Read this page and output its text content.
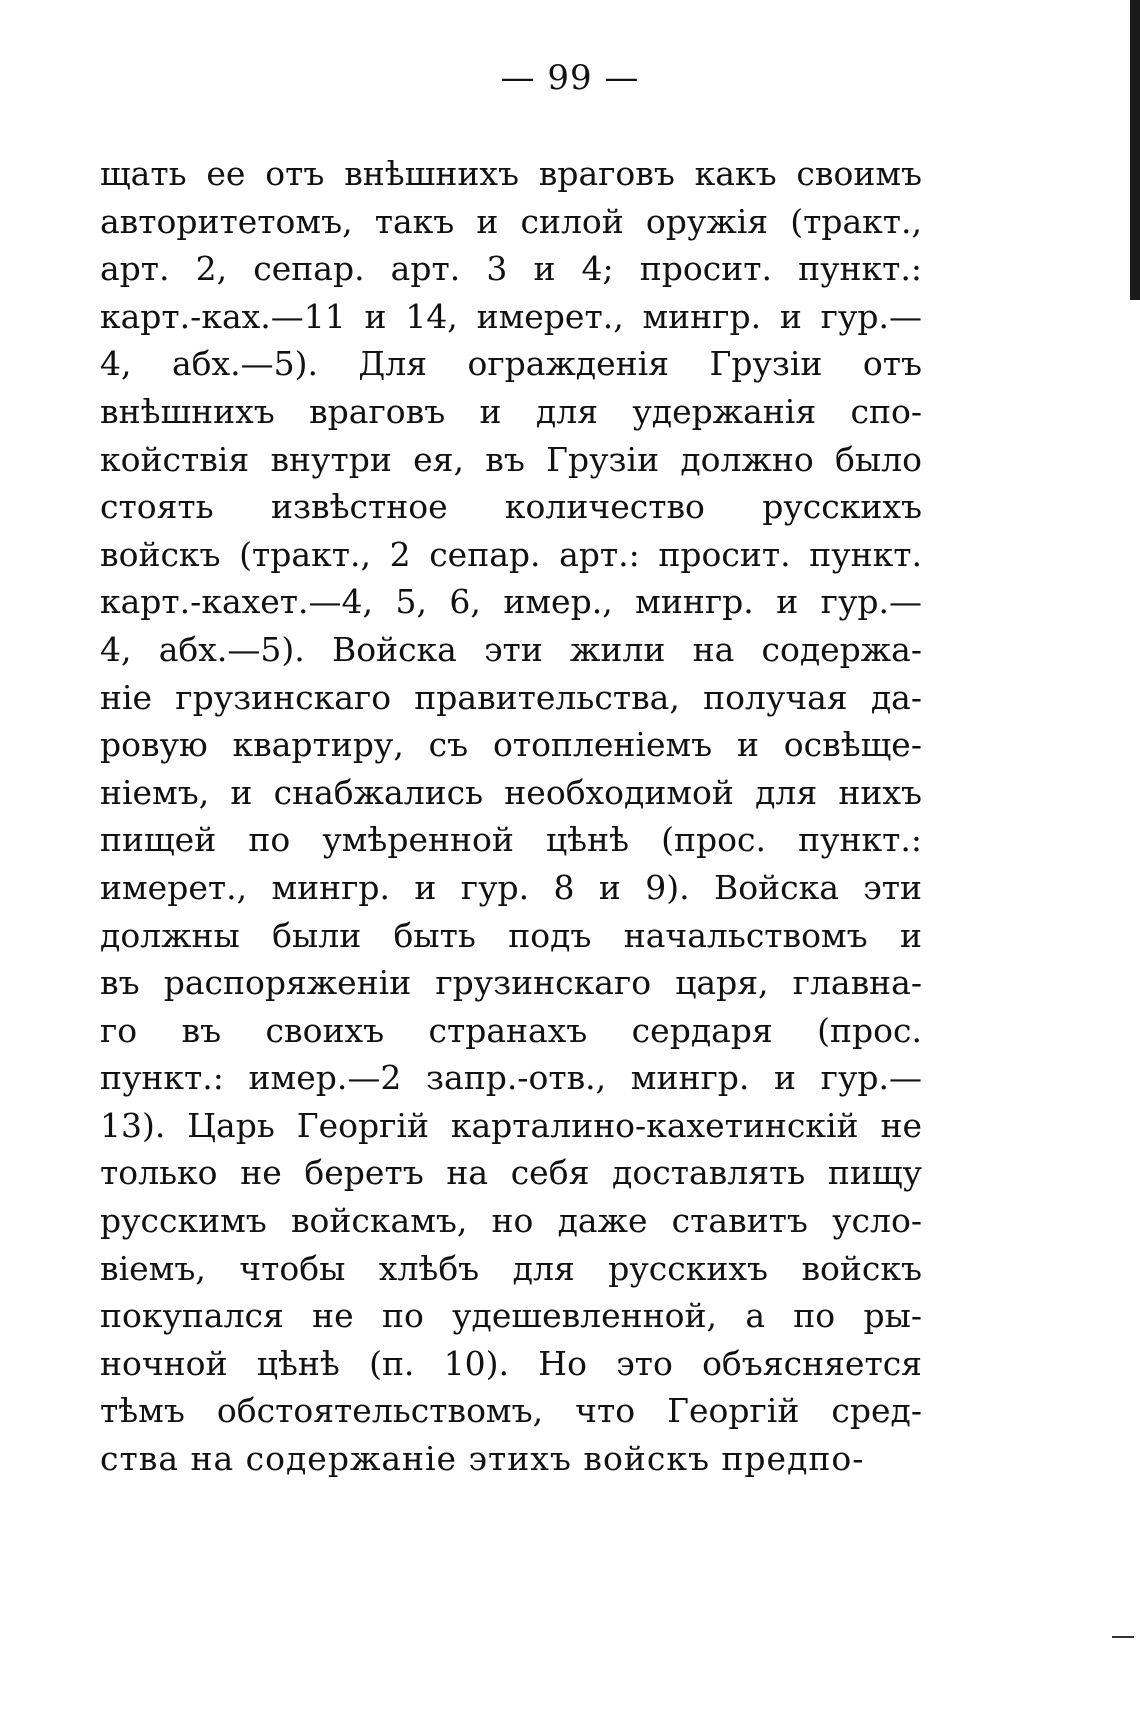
— 99 —
щать ее отъ внѣшнихъ враговъ какъ своимъ
авторитетомъ, такъ и силой оружія (тракт.,
арт. 2, сепар. арт. 3 и 4; просит. пункт.:
карт.-ках.—11 и 14, имерет., мингр. и гур.—
4, абх.—5). Для огражденія Грузіи отъ
внѣшнихъ враговъ и для удержанія спо-
койствія внутри ея, въ Грузіи должно было
стоять извѣстное количество русскихъ
войскъ (тракт., 2 сепар. арт.: просит. пункт.
карт.-кахет.—4, 5, 6, имер., мингр. и гур.—
4, абх.—5). Войска эти жили на содержа-
ніе грузинскаго правительства, получая да-
ровую квартиру, съ отопленіемъ и освѣще-
ніемъ, и снабжались необходимой для нихъ
пищей по умѣренной цѣнѣ (прос. пункт.:
имерет., мингр. и гур. 8 и 9). Войска эти
должны были быть подъ начальствомъ и
въ распоряженіи грузинскаго царя, главна-
го въ своихъ странахъ сердаря (прос.
пункт.: имер.—2 запр.-отв., мингр. и гур.—
13). Царь Георгій карталино-кахетинскій не
только не беретъ на себя доставлять пищу
русскимъ войскамъ, но даже ставитъ усло-
віемъ, чтобы хлѣбъ для русскихъ войскъ
покупался не по удешевленной, а по ры-
ночной цѣнѣ (п. 10). Но это объясняется
тѣмъ обстоятельствомъ, что Георгій сред-
ства на содержаніе этихъ войскъ предпо-
